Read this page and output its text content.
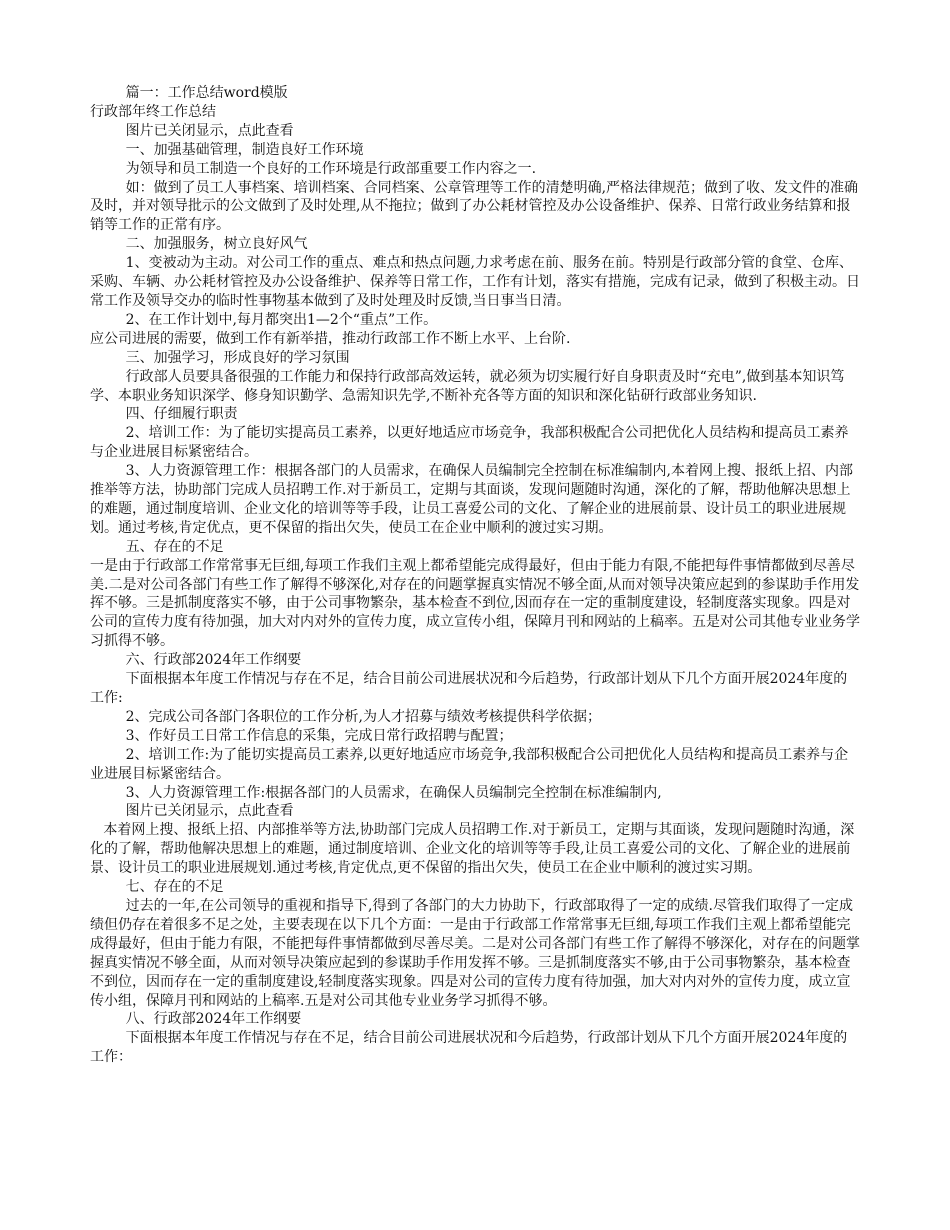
篇一：工作总结word模版

行政部年终工作总结

图片已关闭显示，点此查看

一、加强基础管理，制造良好工作环境

为领导和员工制造一个良好的工作环境是行政部重要工作内容之一.

如：做到了员工人事档案、培训档案、合同档案、公章管理等工作的清楚明确,严格法律规范；做到了收、发文件的准确及时，并对领导批示的公文做到了及时处理,从不拖拉；做到了办公耗材管控及办公设备维护、保养、日常行政业务结算和报销等工作的正常有序。

二、加强服务，树立良好风气

1、变被动为主动。对公司工作的重点、难点和热点问题,力求考虑在前、服务在前。特别是行政部分管的食堂、仓库、采购、车辆、办公耗材管控及办公设备维护、保养等日常工作，工作有计划，落实有措施，完成有记录，做到了积极主动。日常工作及领导交办的临时性事物基本做到了及时处理及时反馈,当日事当日清。

2、在工作计划中,每月都突出1—2个“重点”工作。

应公司进展的需要，做到工作有新举措，推动行政部工作不断上水平、上台阶.

三、加强学习，形成良好的学习氛围

行政部人员要具备很强的工作能力和保持行政部高效运转，就必须为切实履行好自身职责及时“充电”,做到基本知识笃学、本职业务知识深学、修身知识勤学、急需知识先学,不断补充各等方面的知识和深化钻研行政部业务知识.

四、仔细履行职责

2、培训工作：为了能切实提高员工素养，以更好地适应市场竞争，我部积极配合公司把优化人员结构和提高员工素养与企业进展目标紧密结合。

3、人力资源管理工作：根据各部门的人员需求，在确保人员编制完全控制在标准编制内,本着网上搜、报纸上招、内部推举等方法，协助部门完成人员招聘工作.对于新员工，定期与其面谈，发现问题随时沟通，深化的了解，帮助他解决思想上的难题，通过制度培训、企业文化的培训等等手段，让员工喜爱公司的文化、了解企业的进展前景、设计员工的职业进展规划。通过考核,肯定优点，更不保留的指出欠失，使员工在企业中顺利的渡过实习期。

五、存在的不足

一是由于行政部工作常常事无巨细,每项工作我们主观上都希望能完成得最好，但由于能力有限,不能把每件事情都做到尽善尽美.二是对公司各部门有些工作了解得不够深化,对存在的问题掌握真实情况不够全面,从而对领导决策应起到的参谋助手作用发挥不够。三是抓制度落实不够，由于公司事物繁杂，基本检查不到位,因而存在一定的重制度建设，轻制度落实现象。四是对公司的宣传力度有待加强，加大对内对外的宣传力度，成立宣传小组，保障月刊和网站的上稿率。五是对公司其他专业业务学习抓得不够。

六、行政部2024年工作纲要

下面根据本年度工作情况与存在不足，结合目前公司进展状况和今后趋势，行政部计划从下几个方面开展2024年度的工作:

2、完成公司各部门各职位的工作分析,为人才招募与绩效考核提供科学依据；

3、作好员工日常工作信息的采集，完成日常行政招聘与配置；

2、培训工作:为了能切实提高员工素养,以更好地适应市场竞争,我部积极配合公司把优化人员结构和提高员工素养与企业进展目标紧密结合。

3、人力资源管理工作:根据各部门的人员需求，在确保人员编制完全控制在标准编制内,

图片已关闭显示，点此查看

本着网上搜、报纸上招、内部推举等方法,协助部门完成人员招聘工作.对于新员工，定期与其面谈，发现问题随时沟通，深化的了解，帮助他解决思想上的难题，通过制度培训、企业文化的培训等等手段,让员工喜爱公司的文化、了解企业的进展前景、设计员工的职业进展规划.通过考核,肯定优点,更不保留的指出欠失，使员工在企业中顺利的渡过实习期。

七、存在的不足

过去的一年,在公司领导的重视和指导下,得到了各部门的大力协助下，行政部取得了一定的成绩.尽管我们取得了一定成绩但仍存在着很多不足之处，主要表现在以下几个方面：一是由于行政部工作常常事无巨细,每项工作我们主观上都希望能完成得最好，但由于能力有限，不能把每件事情都做到尽善尽美。二是对公司各部门有些工作了解得不够深化，对存在的问题掌握真实情况不够全面，从而对领导决策应起到的参谋助手作用发挥不够。三是抓制度落实不够,由于公司事物繁杂，基本检查不到位，因而存在一定的重制度建设,轻制度落实现象。四是对公司的宣传力度有待加强，加大对内对外的宣传力度，成立宣传小组，保障月刊和网站的上稿率.五是对公司其他专业业务学习抓得不够。

八、行政部2024年工作纲要

下面根据本年度工作情况与存在不足，结合目前公司进展状况和今后趋势，行政部计划从下几个方面开展2024年度的工作：
